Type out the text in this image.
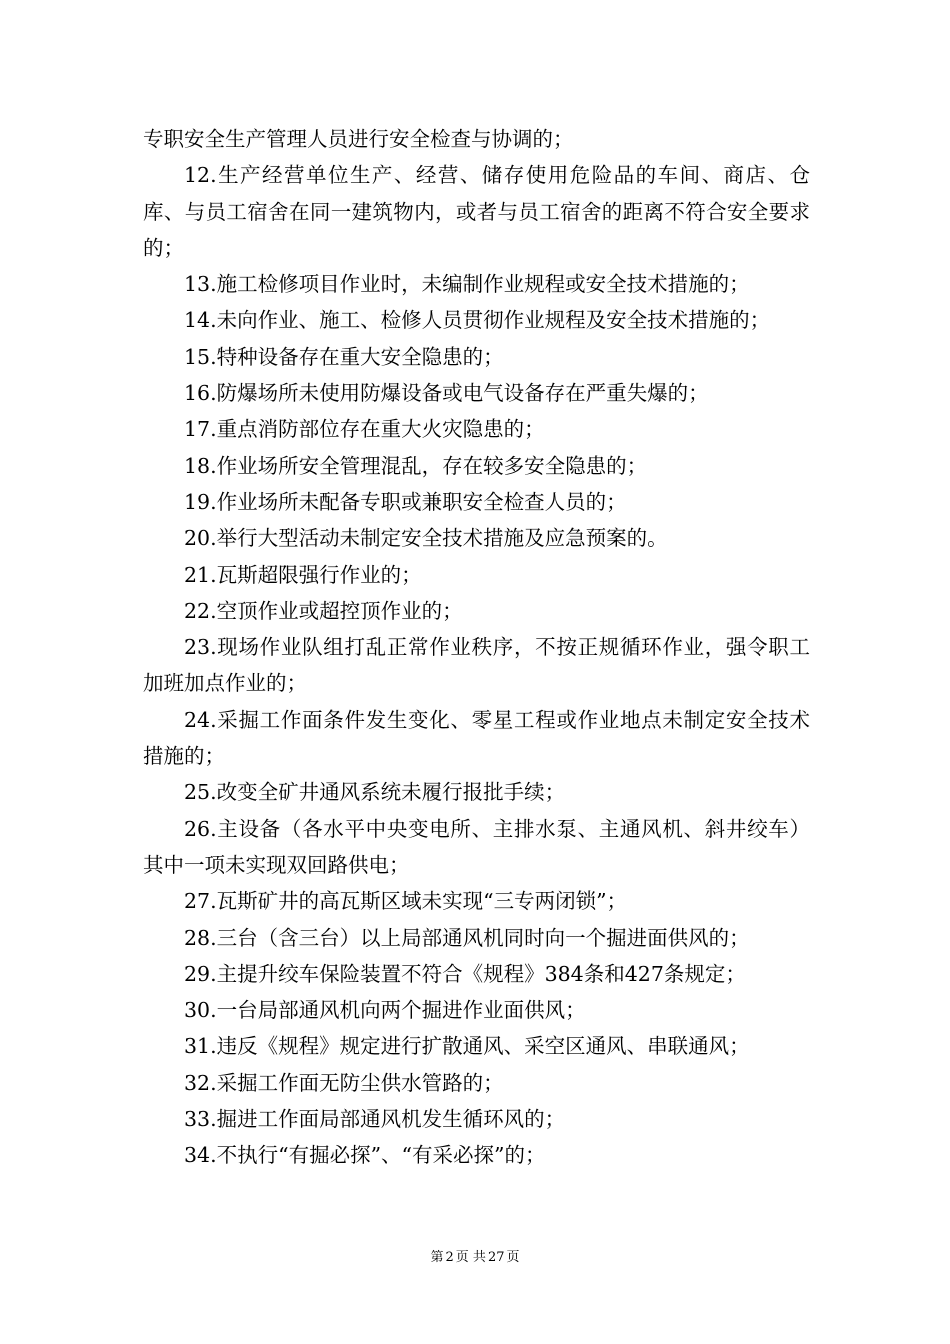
专职安全生产管理人员进行安全检查与协调的；

12.生产经营单位生产、经营、储存使用危险品的车间、商店、仓库、与员工宿舍在同一建筑物内，或者与员工宿舍的距离不符合安全要求的；

13.施工检修项目作业时，未编制作业规程或安全技术措施的；

14.未向作业、施工、检修人员贯彻作业规程及安全技术措施的；

15.特种设备存在重大安全隐患的；

16.防爆场所未使用防爆设备或电气设备存在严重失爆的；

17.重点消防部位存在重大火灾隐患的；

18.作业场所安全管理混乱，存在较多安全隐患的；

19.作业场所未配备专职或兼职安全检查人员的；

20.举行大型活动未制定安全技术措施及应急预案的。

21.瓦斯超限强行作业的；

22.空顶作业或超控顶作业的；

23.现场作业队组打乱正常作业秩序，不按正规循环作业，强令职工加班加点作业的；

24.采掘工作面条件发生变化、零星工程或作业地点未制定安全技术措施的；

25.改变全矿井通风系统未履行报批手续；

26.主设备（各水平中央变电所、主排水泵、主通风机、斜井绞车）其中一项未实现双回路供电；

27.瓦斯矿井的高瓦斯区域未实现“三专两闭锁”；

28.三台（含三台）以上局部通风机同时向一个掘进面供风的；

29.主提升绞车保险装置不符合《规程》384条和427条规定；

30.一台局部通风机向两个掘进作业面供风；

31.违反《规程》规定进行扩散通风、采空区通风、串联通风；

32.采掘工作面无防尘供水管路的；

33.掘进工作面局部通风机发生循环风的；

34.不执行“有掘必探”、“有采必探”的；

第 2 页 共 27 页
